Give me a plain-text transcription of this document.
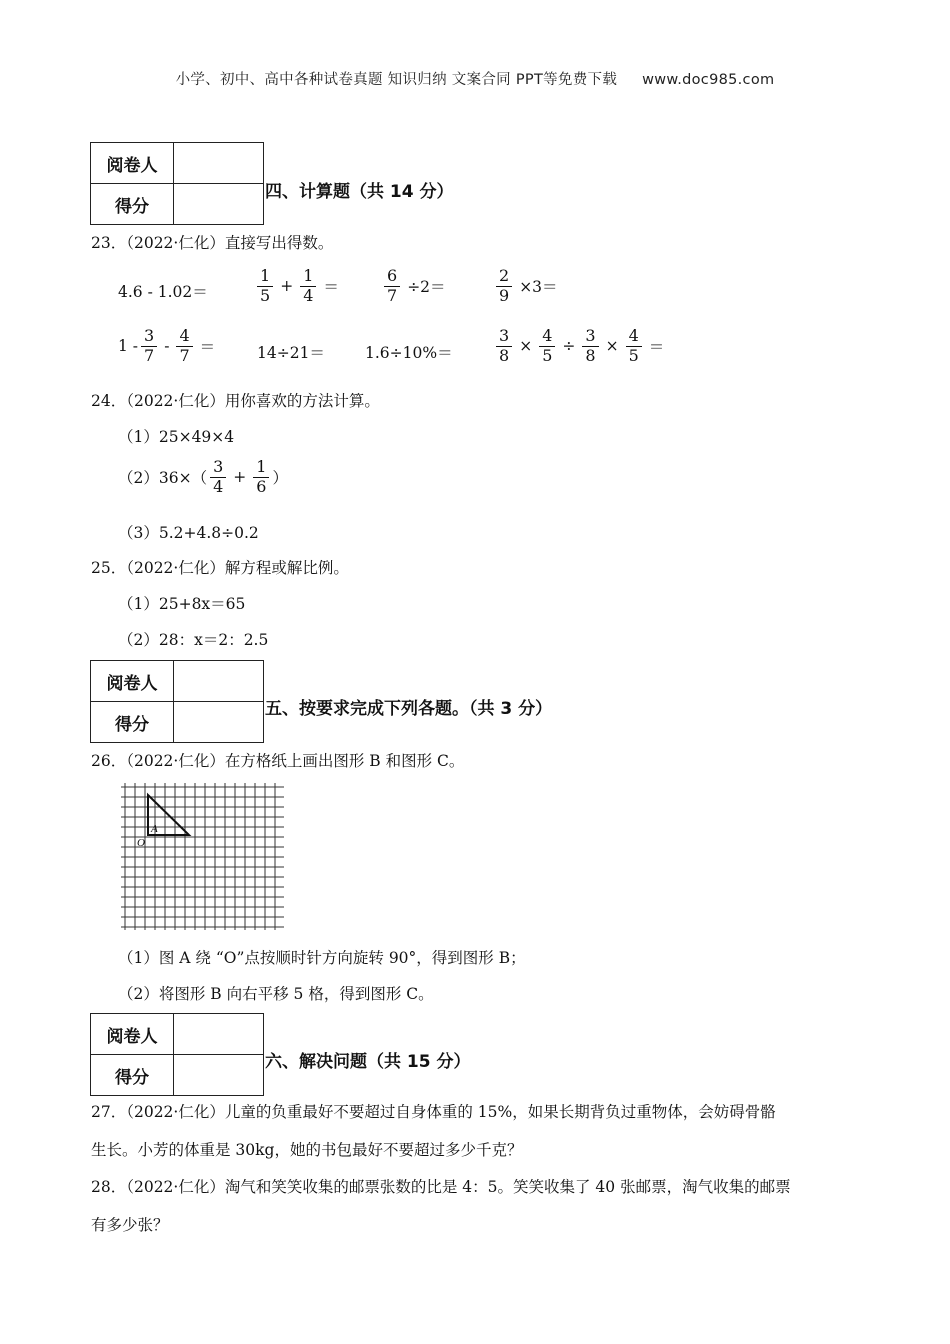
小学、初中、高中各种试卷真题 知识归纳 文案合同 PPT等免费下载 www.doc985.com
阅卷人	
得分	
四、计算题（共 14 分）
23．（2022·仁化）直接写出得数。
4.6 - 1.02＝	$\frac{1}{5} + \frac{1}{4}$ ＝	$\frac{6}{7} \div 2=$	$\frac{2}{9} \times 3=$
$1 - \frac{3}{7} - \frac{4}{7}$ ＝	14÷21＝	1.6÷10%＝	$\frac{3}{8} \times \frac{4}{5} \div \frac{3}{8} \times \frac{4}{5}$ ＝
24．（2022·仁化）用你喜欢的方法计算。
（1）25×49×4
$(2)36\times( \frac{3}{4} + \frac{1}{6}$ ）
（3）5.2+4.8÷0.2
25．（2022·仁化）解方程或解比例。
（1）25+8x＝65
（2）28：x＝2：2.5
阅卷人	
得分	
五、按要求完成下列各题。（共 3 分）
26．（2022·仁化）在方格纸上画出图形 B 和图形 C。
A
O
（1）图 A 绕 “O”点按顺时针方向旋转 90°，得到图形 B；
（2）将图形 B 向右平移 5 格，得到图形 C。
阅卷人	
得分	
六、解决问题（共 15 分）
27．（2022·仁化）儿童的负重最好不要超过自身体重的 15%，如果长期背负过重物体，会妨碍骨骼
生长。小芳的体重是 30kg，她的书包最好不要超过多少千克？
28．（2022·仁化）淘气和笑笑收集的邮票张数的比是 4：5。笑笑收集了 40 张邮票，淘气收集的邮票
有多少张？
